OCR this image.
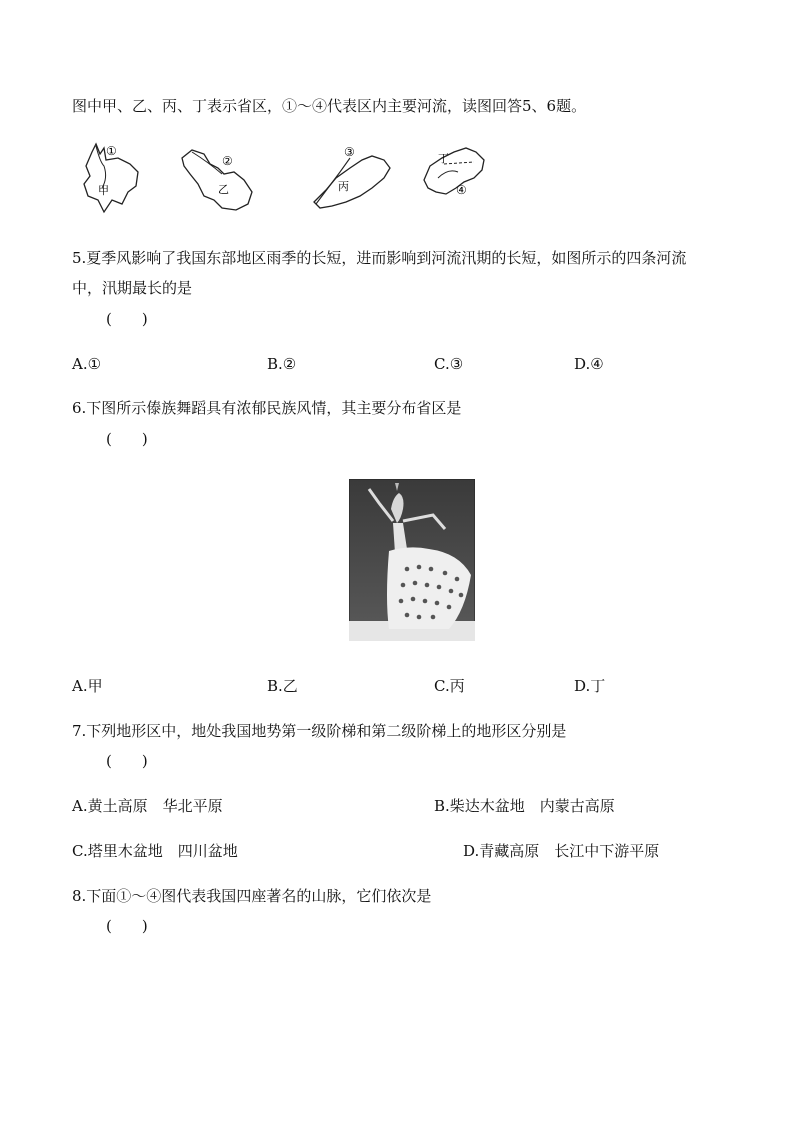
图中甲、乙、丙、丁表示省区，①～④代表区内主要河流，读图回答5、6题。
①
甲
②
乙
③
丙
丁
④
5.夏季风影响了我国东部地区雨季的长短，进而影响到河流汛期的长短，如图所示的四条河流
中，汛期最长的是
(　　)
A.①	B.②	C.③	D.④
6.下图所示傣族舞蹈具有浓郁民族风情，其主要分布省区是
(　　)
A.甲	B.乙	C.丙	D.丁
7.下列地形区中，地处我国地势第一级阶梯和第二级阶梯上的地形区分别是
(　　)
A.黄土高原　华北平原	B.柴达木盆地　内蒙古高原
C.塔里木盆地　四川盆地	D.青藏高原　长江中下游平原
8.下面①～④图代表我国四座著名的山脉，它们依次是
(　　)
